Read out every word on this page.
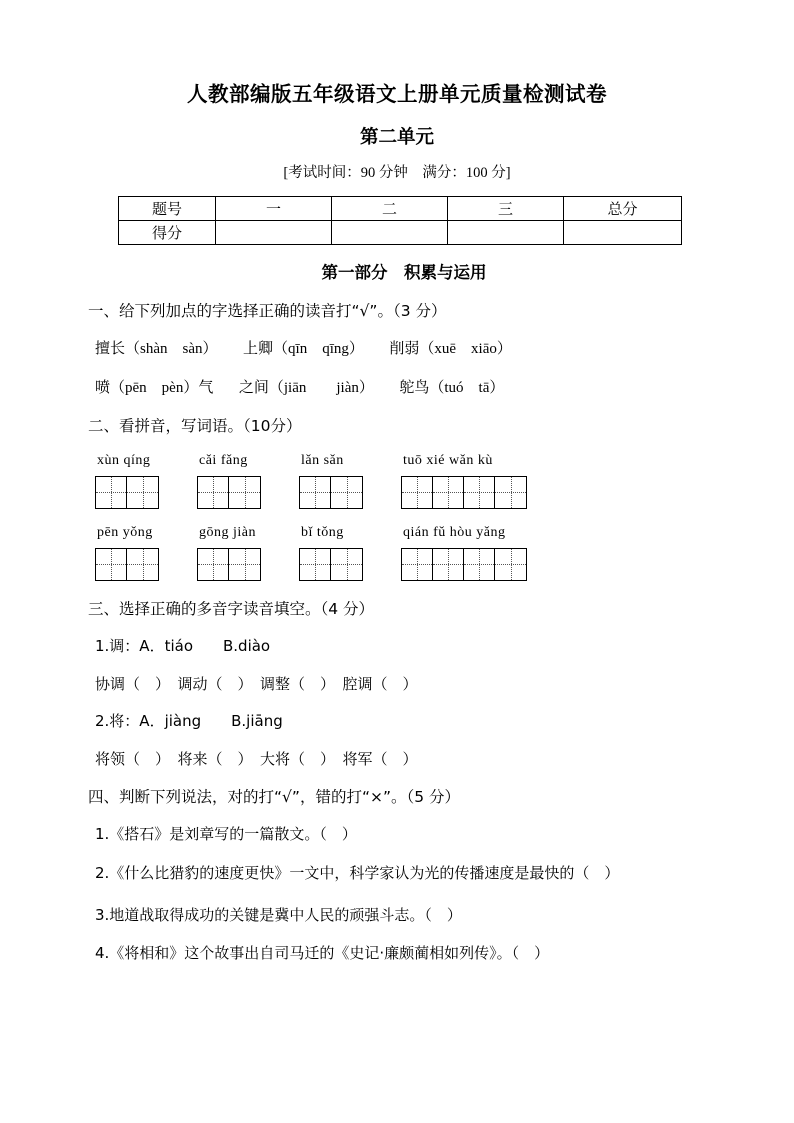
人教部编版五年级语文上册单元质量检测试卷
第二单元
[考试时间：90 分钟　满分：100 分]
题号	一	二	三	总分
得分				
第一部分　积累与运用
一、给下列加点的字选择正确的读音打“√”。（3 分）
擅长（shàn　sàn） 上卿（qīn　qīng） 削弱（xuē　xiāo）
喷（pēn　pèn）气 之间（jiān　　jiàn） 鸵鸟（tuó　tā）
二、看拼音，写词语。（10分）
xùn qíng	cǎi fǎng	lǎn sǎn	tuō xié wǎn kù
pēn yǒng	gōng jiàn	bǐ tǒng	qián fǔ hòu yǎng
三、选择正确的多音字读音填空。（4 分）
1.调：A．tiáo　　B.diào
协调（　）　调动（　）　调整（　）　腔调（　）
2.将：A．jiàng　　B.jiāng
将领（　）　将来（　）　大将（　）　将军（　）
四、判断下列说法，对的打“√”，错的打“×”。（5 分）
1.《搭石》是刘章写的一篇散文。（　）
2.《什么比猎豹的速度更快》一文中，科学家认为光的传播速度是最快的（　）
3.地道战取得成功的关键是冀中人民的顽强斗志。（　）
4.《将相和》这个故事出自司马迁的《史记·廉颇蔺相如列传》。（　）
